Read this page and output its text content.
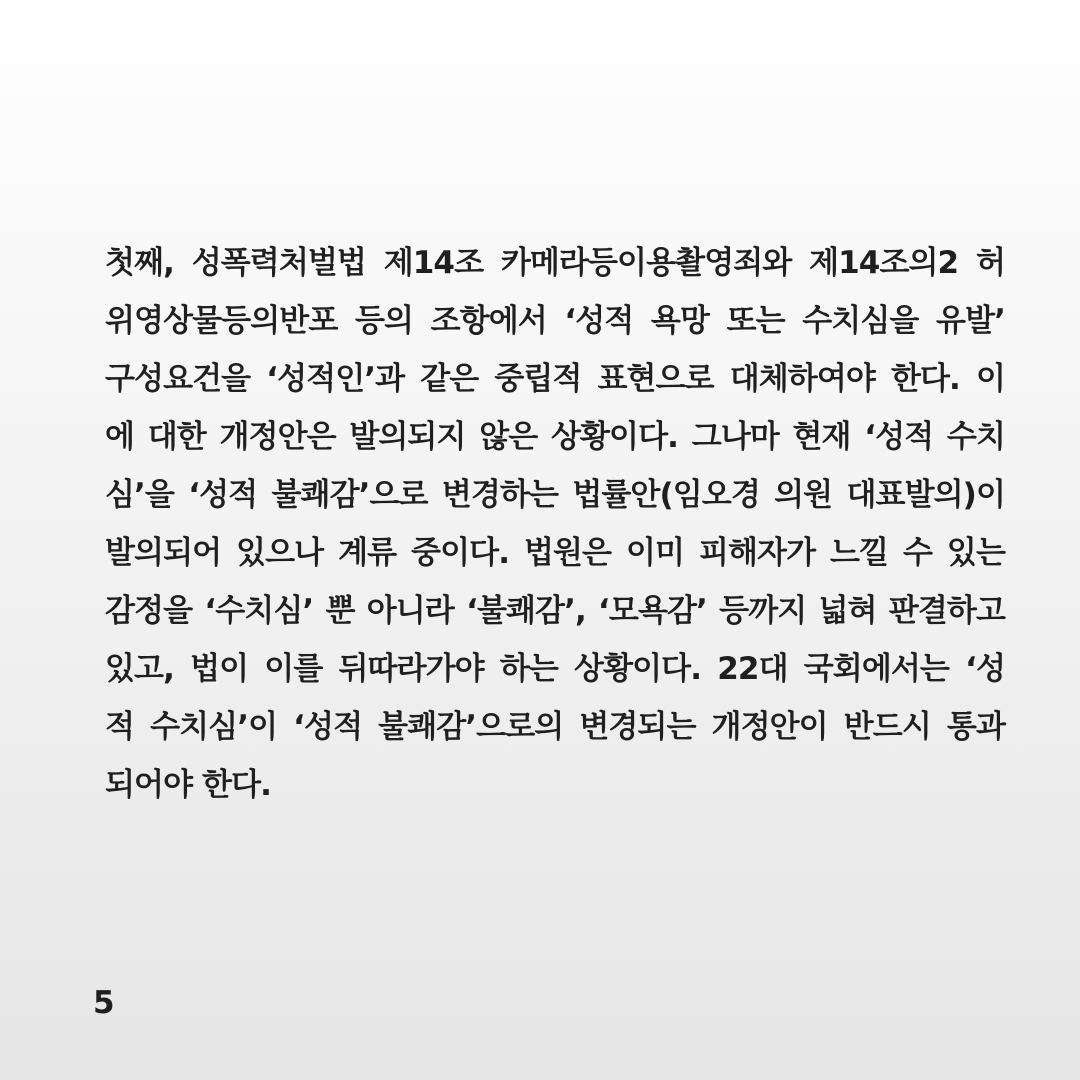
첫째, 성폭력처벌법 제14조 카메라등이용촬영죄와 제14조의2 허
위영상물등의반포 등의 조항에서 ‘성적 욕망 또는 수치심을 유발’
구성요건을 ‘성적인’과 같은 중립적 표현으로 대체하여야 한다. 이
에 대한 개정안은 발의되지 않은 상황이다. 그나마 현재 ‘성적 수치
심’을 ‘성적 불쾌감’으로 변경하는 법률안(임오경 의원 대표발의)이
발의되어 있으나 계류 중이다. 법원은 이미 피해자가 느낄 수 있는
감정을 ‘수치심’ 뿐 아니라 ‘불쾌감’, ‘모욕감’ 등까지 넓혀 판결하고
있고, 법이 이를 뒤따라가야 하는 상황이다. 22대 국회에서는 ‘성
적 수치심’이 ‘성적 불쾌감’으로의 변경되는 개정안이 반드시 통과
되어야 한다.

5
